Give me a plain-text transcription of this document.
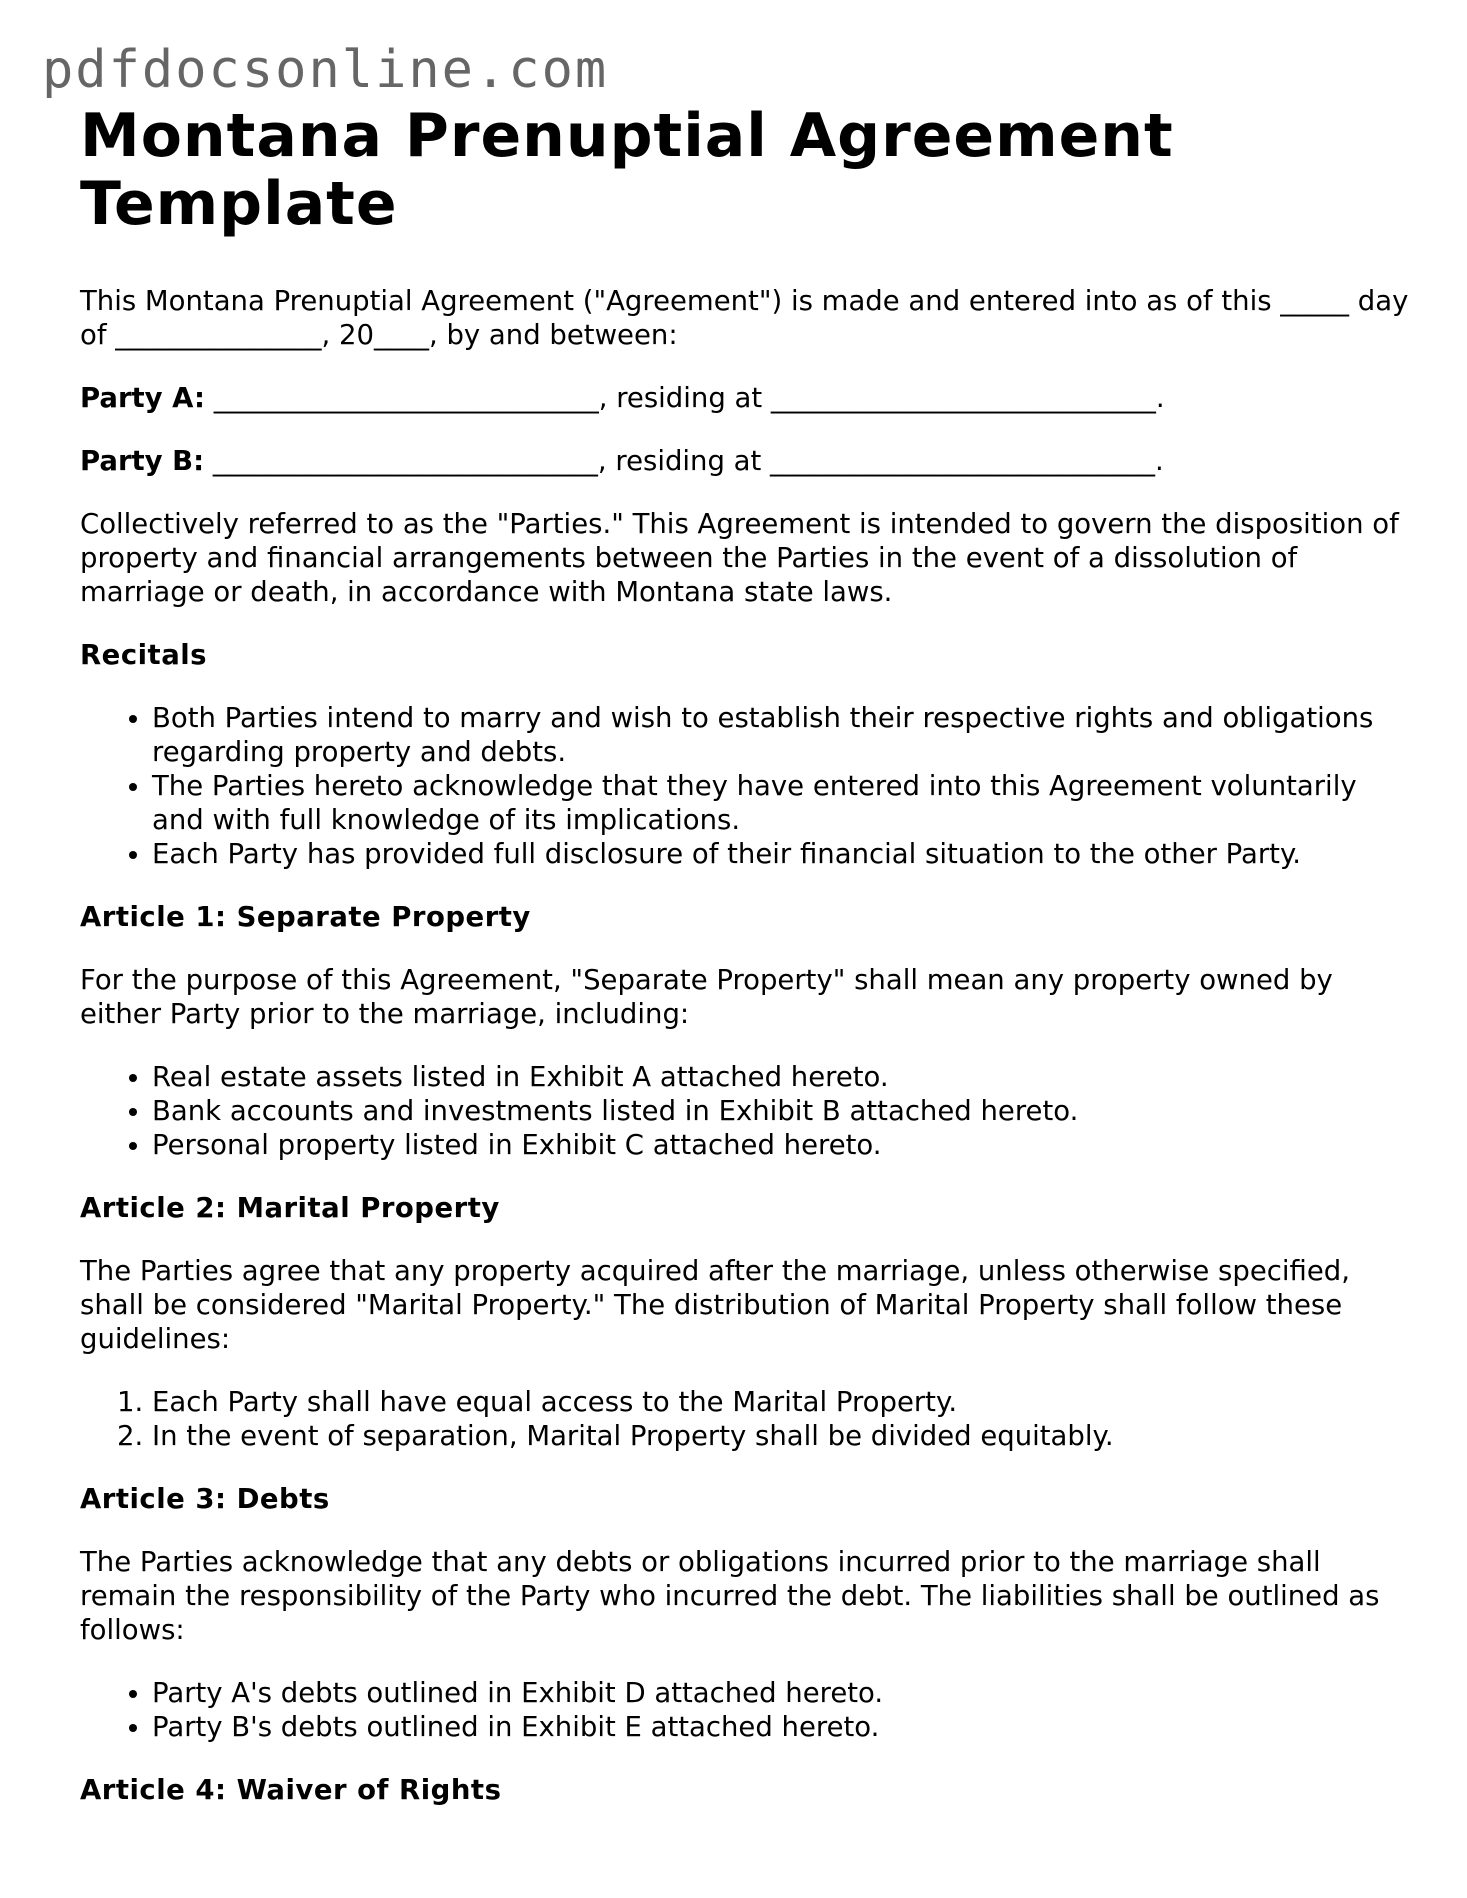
pdfdocsonline.com
Montana Prenuptial Agreement Template

This Montana Prenuptial Agreement ("Agreement") is made and entered into as of this _____ day of _______________, 20____, by and between:

Party A: ____________________________, residing at ____________________________.
Party B: ____________________________, residing at ____________________________.

Collectively referred to as the "Parties." This Agreement is intended to govern the disposition of property and financial arrangements between the Parties in the event of a dissolution of marriage or death, in accordance with Montana state laws.

Recitals
• Both Parties intend to marry and wish to establish their respective rights and obligations regarding property and debts.
• The Parties hereto acknowledge that they have entered into this Agreement voluntarily and with full knowledge of its implications.
• Each Party has provided full disclosure of their financial situation to the other Party.
Article 1: Separate Property

For the purpose of this Agreement, "Separate Property" shall mean any property owned by either Party prior to the marriage, including:

• Real estate assets listed in Exhibit A attached hereto.
• Bank accounts and investments listed in Exhibit B attached hereto.
• Personal property listed in Exhibit C attached hereto.
Article 2: Marital Property

The Parties agree that any property acquired after the marriage, unless otherwise specified, shall be considered "Marital Property." The distribution of Marital Property shall follow these guidelines:

1. Each Party shall have equal access to the Marital Property.
2. In the event of separation, Marital Property shall be divided equitably.
Article 3: Debts

The Parties acknowledge that any debts or obligations incurred prior to the marriage shall remain the responsibility of the Party who incurred the debt. The liabilities shall be outlined as follows:

• Party A's debts outlined in Exhibit D attached hereto.
• Party B's debts outlined in Exhibit E attached hereto.
Article 4: Waiver of Rights
